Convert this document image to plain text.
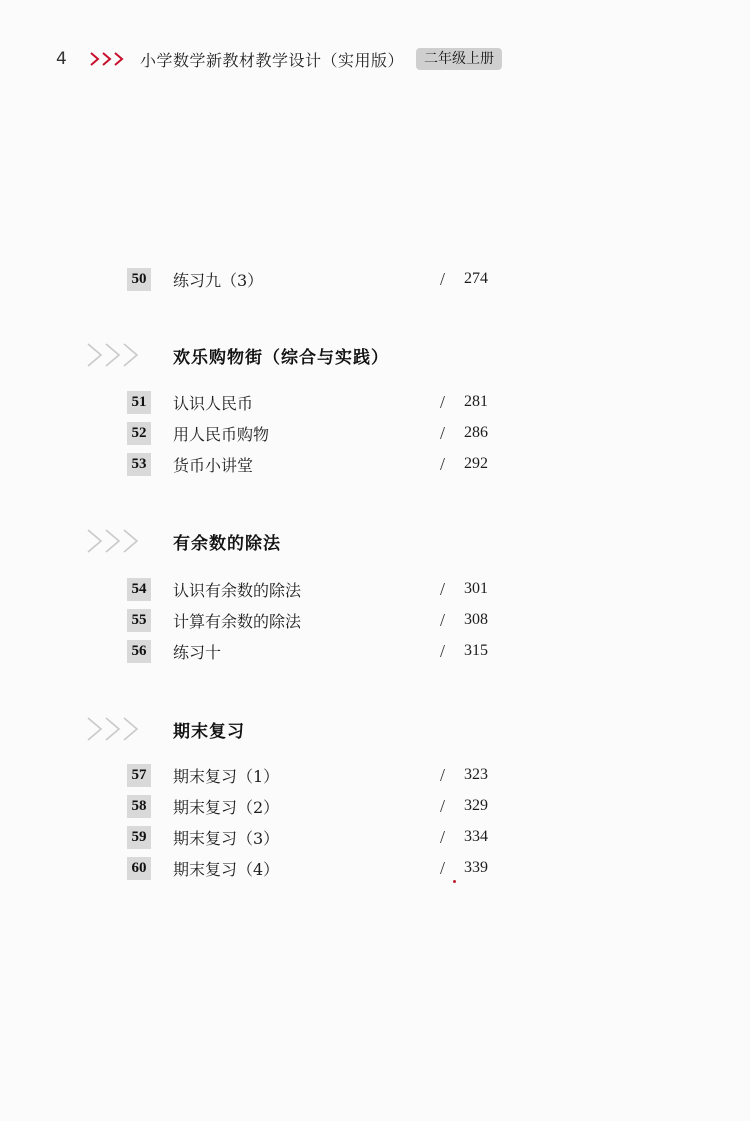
4	小学数学新教材教学设计（实用版）	二年级上册
50 练习九（3）	/ 274
欢乐购物街（综合与实践）
51 认识人民币	/ 281
52 用人民币购物	/ 286
53 货币小讲堂	/ 292
有余数的除法
54 认识有余数的除法	/ 301
55 计算有余数的除法	/ 308
56 练习十	/ 315
期末复习
57 期末复习（1）	/ 323
58 期末复习（2）	/ 329
59 期末复习（3）	/ 334
60 期末复习（4）	/ 339
